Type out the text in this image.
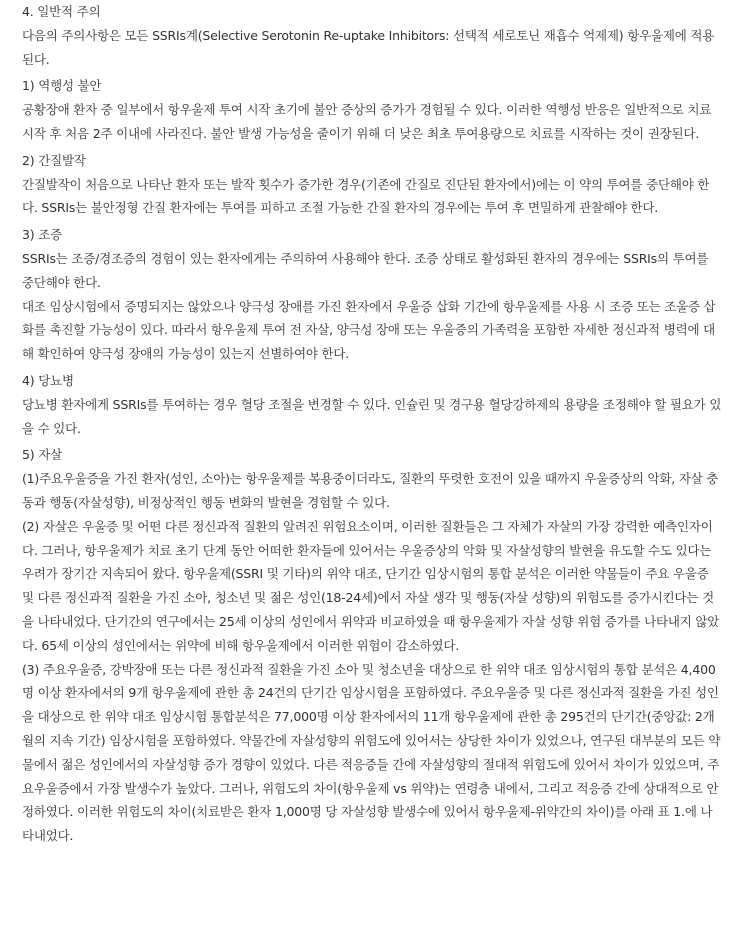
4. 일반적 주의

다음의 주의사항은 모든 SSRIs계(Selective Serotonin Re-uptake Inhibitors: 선택적 세로토닌 재흡수 억제제) 항우울제에 적용된다.

1) 역행성 불안

공황장애 환자 중 일부에서 항우울제 투여 시작 초기에 불안 증상의 증가가 경험될 수 있다. 이러한 역행성 반응은 일반적으로 치료 시작 후 처음 2주 이내에 사라진다. 불안 발생 가능성을 줄이기 위해 더 낮은 최초 투여용량으로 치료를 시작하는 것이 권장된다.

2) 간질발작

간질발작이 처음으로 나타난 환자 또는 발작 횟수가 증가한 경우(기존에 간질로 진단된 환자에서)에는 이 약의 투여를 중단해야 한다. SSRIs는 불안정형 간질 환자에는 투여를 피하고 조절 가능한 간질 환자의 경우에는 투여 후 면밀하게 관찰해야 한다.

3) 조증

SSRIs는 조증/경조증의 경험이 있는 환자에게는 주의하여 사용해야 한다. 조증 상태로 활성화된 환자의 경우에는 SSRIs의 투여를 중단해야 한다.

대조 임상시험에서 증명되지는 않았으나 양극성 장애를 가진 환자에서 우울증 삽화 기간에 항우울제를 사용 시 조증 또는 조울증 삽화를 촉진할 가능성이 있다. 따라서 항우울제 투여 전 자살, 양극성 장애 또는 우울증의 가족력을 포함한 자세한 정신과적 병력에 대해 확인하여 양극성 장애의 가능성이 있는지 선별하여야 한다.

4) 당뇨병

당뇨병 환자에게 SSRIs를 투여하는 경우 혈당 조절을 변경할 수 있다. 인슐린 및 경구용 혈당강하제의 용량을 조정해야 할 필요가 있을 수 있다.

5) 자살

(1)주요우울증을 가진 환자(성인, 소아)는 항우울제를 복용중이더라도, 질환의 뚜렷한 호전이 있을 때까지 우울증상의 악화, 자살 충동과 행동(자살성향), 비정상적인 행동 변화의 발현을 경험할 수 있다.

(2) 자살은 우울증 및 어떤 다른 정신과적 질환의 알려진 위험요소이며, 이러한 질환들은 그 자체가 자살의 가장 강력한 예측인자이다. 그러나, 항우울제가 치료 초기 단계 동안 어떠한 환자들에 있어서는 우울증상의 악화 및 자살성향의 발현을 유도할 수도 있다는 우려가 장기간 지속되어 왔다. 항우울제(SSRI 및 기타)의 위약 대조, 단기간 임상시험의 통합 분석은 이러한 약물들이 주요 우울증 및 다른 정신과적 질환을 가진 소아, 청소년 및 젊은 성인(18-24세)에서 자살 생각 및 행동(자살 성향)의 위험도를 증가시킨다는 것을 나타내었다. 단기간의 연구에서는 25세 이상의 성인에서 위약과 비교하였을 때 항우울제가 자살 성향 위험 증가를 나타내지 않았다. 65세 이상의 성인에서는 위약에 비해 항우울제에서 이러한 위험이 감소하였다.

(3) 주요우울증, 강박장애 또는 다른 정신과적 질환을 가진 소아 및 청소년을 대상으로 한 위약 대조 임상시험의 통합 분석은 4,400명 이상 환자에서의 9개 항우울제에 관한 총 24건의 단기간 임상시험을 포함하였다. 주요우울증 및 다른 정신과적 질환을 가진 성인을 대상으로 한 위약 대조 임상시험 통합분석은 77,000명 이상 환자에서의 11개 항우울제에 관한 총 295건의 단기간(중앙값: 2개월의 지속 기간) 임상시험을 포함하였다. 약물간에 자살성향의 위험도에 있어서는 상당한 차이가 있었으나, 연구된 대부분의 모든 약물에서 젊은 성인에서의 자살성향 증가 경향이 있었다. 다른 적응증들 간에 자살성향의 절대적 위험도에 있어서 차이가 있었으며, 주요우울증에서 가장 발생수가 높았다. 그러나, 위험도의 차이(항우울제 vs 위약)는 연령층 내에서, 그리고 적응증 간에 상대적으로 안정하였다. 이러한 위험도의 차이(치료받은 환자 1,000명 당 자살성향 발생수에 있어서 항우울제-위약간의 차이)를 아래 표 1.에 나타내었다.
